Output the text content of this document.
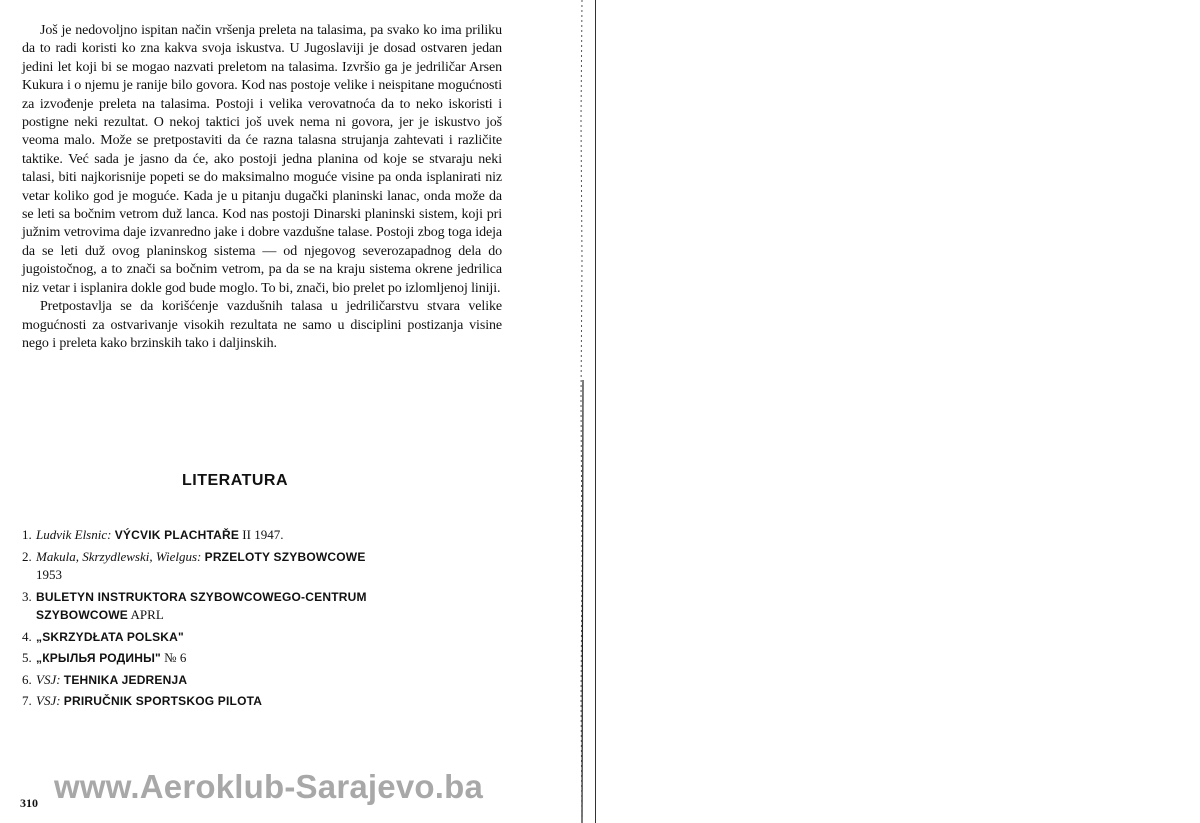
Još je nedovoljno ispitan način vršenja preleta na talasima, pa svako ko ima priliku da to radi koristi ko zna kakva svoja iskustva. U Jugoslaviji je dosad ostvaren jedan jedini let koji bi se mogao nazvati preletom na talasima. Izvršio ga je jedriličar Arsen Kukura i o njemu je ranije bilo govora. Kod nas postoje velike i neispitane mogućnosti za izvođenje preleta na talasima. Postoji i velika verovatnoća da to neko iskoristi i postigne neki rezultat. O nekoj taktici još uvek nema ni govora, jer je iskustvo još veoma malo. Može se pretpostaviti da će razna talasna strujanja zahtevati i različite taktike. Već sada je jasno da će, ako postoji jedna planina od koje se stvaraju neki talasi, biti najkorisnije popeti se do maksimalno moguće visine pa onda isplanirati niz vetar koliko god je moguće. Kada je u pitanju dugački planinski lanac, onda može da se leti sa bočnim vetrom duž lanca. Kod nas postoji Dinarski planinski sistem, koji pri južnim vetrovima daje izvanredno jake i dobre vazdušne talase. Postoji zbog toga ideja da se leti duž ovog planinskog sistema — od njegovog severozapadnog dela do jugoistočnog, a to znači sa bočnim vetrom, pa da se na kraju sistema okrene jedrilica niz vetar i isplanira dokle god bude moglo. To bi, znači, bio prelet po izlomljenoj liniji.

Pretpostavlja se da korišćenje vazdušnih talasa u jedriličarstvu stvara velike mogućnosti za ostvarivanje visokih rezultata ne samo u disciplini postizanja visine nego i preleta kako brzinskih tako i daljinskih.

LITERATURA
1. Ludvik Elsnic: VÝCVIK PLACHTAŘE II 1947.
2. Makula, Skrzydlewski, Wielgus: PRZELOTY SZYBOWCOWE
1953
3. BULETYN INSTRUKTORA SZYBOWCOWEGO-CENTRUM SZYBOWCOWE APRL
4. „SKRZYDŁATA POLSKA"
5. „КРЫЛЬЯ РОДИНЫ" № 6
6. VSJ: TEHNIKA JEDRENJA
7. VSJ: PRIRUČNIK SPORTSKOG PILOTA
www.Aeroklub-Sarajevo.ba
310
